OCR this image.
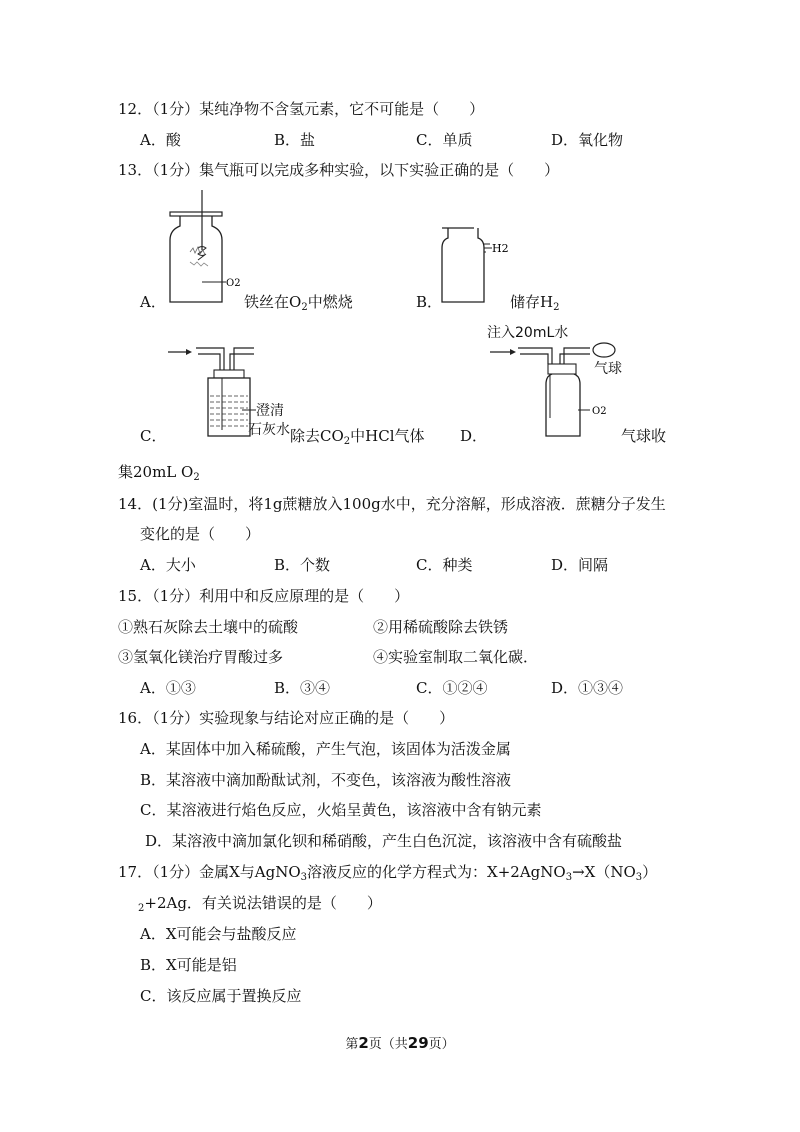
12．（1分）某纯净物不含氢元素，它不可能是（　　）
A．酸	B．盐	C．单质	D．氧化物
13．（1分）集气瓶可以完成多种实验，以下实验正确的是（　　）
O2
A．	铁丝在$O_2$中燃烧
H2
B．	储存$H_2$
澄清
石灰水
C．	除去$CO_2$中HCl气体
注入20mL水
O2
气球
D．	气球收
集20mL $O_2$
14．(1分)室温时，将1g蔗糖放入100g水中，充分溶解，形成溶液．蔗糖分子发生
变化的是（　　）
A．大小	B．个数	C．种类	D．间隔
15．（1分）利用中和反应原理的是（　　）
①熟石灰除去土壤中的硫酸	②用稀硫酸除去铁锈
③氢氧化镁治疗胃酸过多	④实验室制取二氧化碳．
A．①③	B．③④	C．①②④	D．①③④
16．（1分）实验现象与结论对应正确的是（　　）
A．某固体中加入稀硫酸，产生气泡，该固体为活泼金属
B．某溶液中滴加酚酞试剂，不变色，该溶液为酸性溶液
C．某溶液进行焰色反应，火焰呈黄色，该溶液中含有钠元素
D．某溶液中滴加氯化钡和稀硝酸，产生白色沉淀，该溶液中含有硫酸盐
17．（1分）金属X与AgNO$_3$溶液反应的化学方程式为：$X+2AgNO_3\to X(NO_3)$
$_2$+2Ag．有关说法错误的是（　　）
A．X可能会与盐酸反应
B．X可能是铝
C．该反应属于置换反应
第2页（共29页）
